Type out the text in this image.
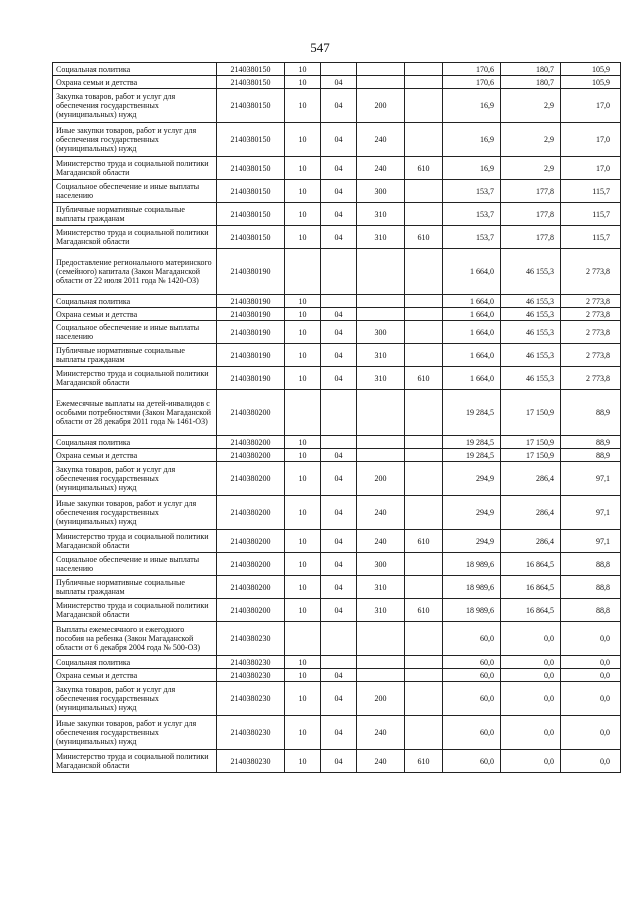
547
Социальная политика	2140380150	10				170,6	180,7	105,9
Охрана семьи и детства	2140380150	10	04			170,6	180,7	105,9
Закупка товаров, работ и услуг для обеспечения государственных (муниципальных) нужд	2140380150	10	04	200		16,9	2,9	17,0
Иные закупки товаров, работ и услуг для обеспечения государственных (муниципальных) нужд	2140380150	10	04	240		16,9	2,9	17,0
Министерство труда и социальной политики Магаданской области	2140380150	10	04	240	610	16,9	2,9	17,0
Социальное обеспечение и иные выплаты населению	2140380150	10	04	300		153,7	177,8	115,7
Публичные нормативные социальные выплаты гражданам	2140380150	10	04	310		153,7	177,8	115,7
Министерство труда и социальной политики Магаданской области	2140380150	10	04	310	610	153,7	177,8	115,7
Предоставление регионального материнского (семейного) капитала (Закон Магаданской области от 22 июля 2011 года № 1420-ОЗ)	2140380190					1 664,0	46 155,3	2 773,8
Социальная политика	2140380190	10				1 664,0	46 155,3	2 773,8
Охрана семьи и детства	2140380190	10	04			1 664,0	46 155,3	2 773,8
Социальное обеспечение и иные выплаты населению	2140380190	10	04	300		1 664,0	46 155,3	2 773,8
Публичные нормативные социальные выплаты гражданам	2140380190	10	04	310		1 664,0	46 155,3	2 773,8
Министерство труда и социальной политики Магаданской области	2140380190	10	04	310	610	1 664,0	46 155,3	2 773,8
Ежемесячные выплаты на детей-инвалидов с особыми потребностями (Закон Магаданской области от 28 декабря 2011 года № 1461-ОЗ)	2140380200					19 284,5	17 150,9	88,9
Социальная политика	2140380200	10				19 284,5	17 150,9	88,9
Охрана семьи и детства	2140380200	10	04			19 284,5	17 150,9	88,9
Закупка товаров, работ и услуг для обеспечения государственных (муниципальных) нужд	2140380200	10	04	200		294,9	286,4	97,1
Иные закупки товаров, работ и услуг для обеспечения государственных (муниципальных) нужд	2140380200	10	04	240		294,9	286,4	97,1
Министерство труда и социальной политики Магаданской области	2140380200	10	04	240	610	294,9	286,4	97,1
Социальное обеспечение и иные выплаты населению	2140380200	10	04	300		18 989,6	16 864,5	88,8
Публичные нормативные социальные выплаты гражданам	2140380200	10	04	310		18 989,6	16 864,5	88,8
Министерство труда и социальной политики Магаданской области	2140380200	10	04	310	610	18 989,6	16 864,5	88,8
Выплаты ежемесячного и ежегодного пособия на ребенка (Закон Магаданской области от 6 декабря 2004 года № 500-ОЗ)	2140380230					60,0	0,0	0,0
Социальная политика	2140380230	10				60,0	0,0	0,0
Охрана семьи и детства	2140380230	10	04			60,0	0,0	0,0
Закупка товаров, работ и услуг для обеспечения государственных (муниципальных) нужд	2140380230	10	04	200		60,0	0,0	0,0
Иные закупки товаров, работ и услуг для обеспечения государственных (муниципальных) нужд	2140380230	10	04	240		60,0	0,0	0,0
Министерство труда и социальной политики Магаданской области	2140380230	10	04	240	610	60,0	0,0	0,0
